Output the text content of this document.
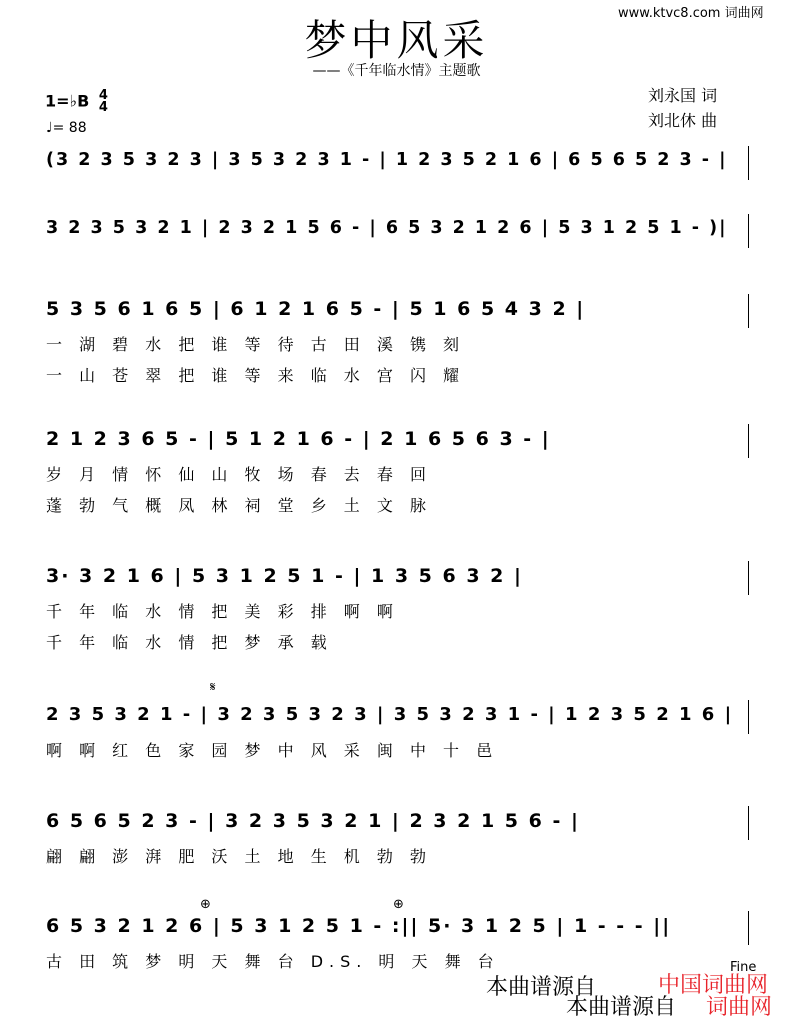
www.ktvc8.com 词曲网
梦中风采
——《千年临水情》主题歌
刘永国 词
刘北休 曲
1=♭B 4
4
♩= 88
(3 2 3 5 3 2 3 | 3 5 3 2 3 1 - | 1 2 3 5 2 1 6 | 6 5 6 5 2 3 - |
3 2 3 5 3 2 1 | 2 3 2 1 5 6 - | 6 5 3 2 1 2 6 | 5 3 1 2 5 1 - )|
5 3 5 6 1 6 5 | 6 1 2 1 6 5 - | 5 1 6 5 4 3 2 |
一 湖 碧 水 把 谁 等 待 古 田 溪 镌 刻
一 山 苍 翠 把 谁 等 来 临 水 宫 闪 耀
2 1 2 3 6 5 - | 5 1 2 1 6 - | 2 1 6 5 6 3 - |
岁 月 情 怀 仙 山 牧 场 春 去 春 回
蓬 勃 气 概 凤 林 祠 堂 乡 土 文 脉
3· 3 2 1 6 | 5 3 1 2 5 1 - | 1 3 5 6 3 2 |
千 年 临 水 情 把 美 彩 排 啊 啊
千 年 临 水 情 把 梦 承 载
2 3 5 3 2 1 - | 3 2 3 5 3 2 3 | 3 5 3 2 3 1 - | 1 2 3 5 2 1 6 |
啊 啊 红 色 家 园 梦 中 风 采 闽 中 十 邑
6 5 6 5 2 3 - | 3 2 3 5 3 2 1 | 2 3 2 1 5 6 - |
翩 翩 澎 湃 肥 沃 土 地 生 机 勃 勃
6 5 3 2 1 2 6 | 5 3 1 2 5 1 - :|| 5· 3 1 2 5 | 1 - - - ||
古 田 筑 梦 明 天 舞 台 D.S. 明 天 舞 台
本曲谱源自	中国词曲网
本曲谱源自 词曲网
𝄋
⊕	⊕
Fine
